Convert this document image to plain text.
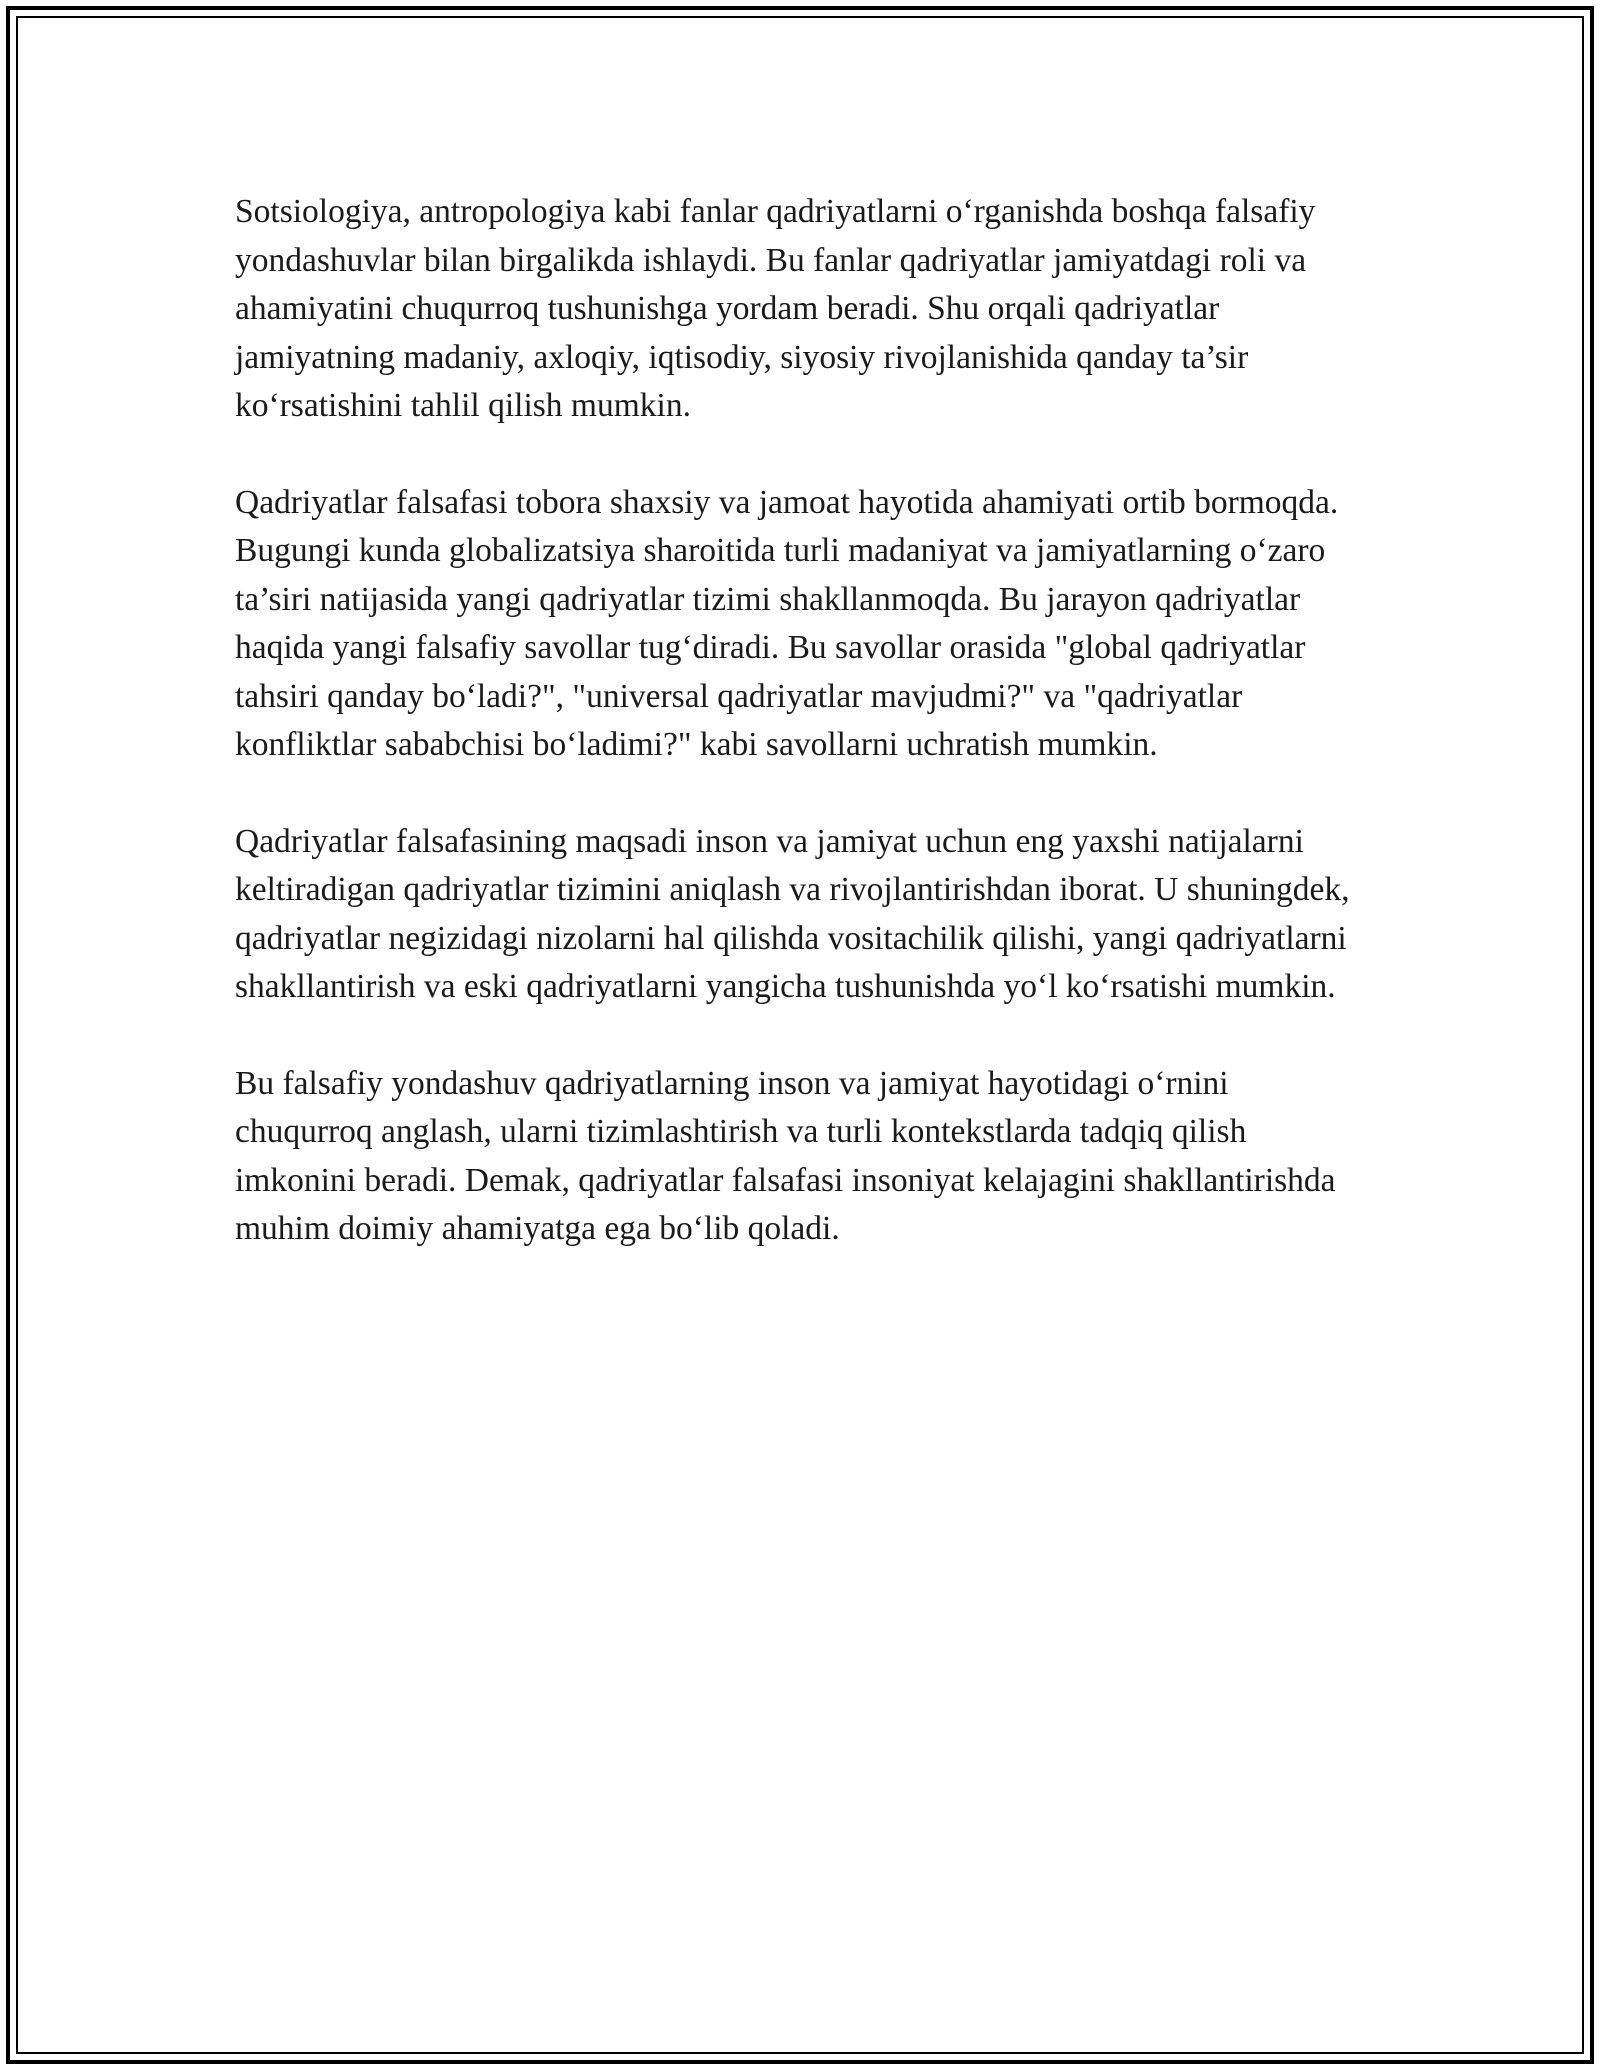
Sotsiologiya, antropologiya kabi fanlar qadriyatlarni o‘rganishda boshqa falsafiy yondashuvlar bilan birgalikda ishlaydi. Bu fanlar qadriyatlar jamiyatdagi roli va ahamiyatini chuqurroq tushunishga yordam beradi. Shu orqali qadriyatlar jamiyatning madaniy, axloqiy, iqtisodiy, siyosiy rivojlanishida qanday ta’sir ko‘rsatishini tahlil qilish mumkin.

Qadriyatlar falsafasi tobora shaxsiy va jamoat hayotida ahamiyati ortib bormoqda. Bugungi kunda globalizatsiya sharoitida turli madaniyat va jamiyatlarning o‘zaro ta’siri natijasida yangi qadriyatlar tizimi shakllanmoqda. Bu jarayon qadriyatlar haqida yangi falsafiy savollar tug‘diradi. Bu savollar orasida "global qadriyatlar tahsiri qanday bo‘ladi?", "universal qadriyatlar mavjudmi?" va "qadriyatlar konfliktlar sababchisi bo‘ladimi?" kabi savollarni uchratish mumkin.

Qadriyatlar falsafasining maqsadi inson va jamiyat uchun eng yaxshi natijalarni keltiradigan qadriyatlar tizimini aniqlash va rivojlantirishdan iborat. U shuningdek, qadriyatlar negizidagi nizolarni hal qilishda vositachilik qilishi, yangi qadriyatlarni shakllantirish va eski qadriyatlarni yangicha tushunishda yo‘l ko‘rsatishi mumkin.

Bu falsafiy yondashuv qadriyatlarning inson va jamiyat hayotidagi o‘rnini chuqurroq anglash, ularni tizimlashtirish va turli kontekstlarda tadqiq qilish imkonini beradi. Demak, qadriyatlar falsafasi insoniyat kelajagini shakllantirishda muhim doimiy ahamiyatga ega bo‘lib qoladi.
